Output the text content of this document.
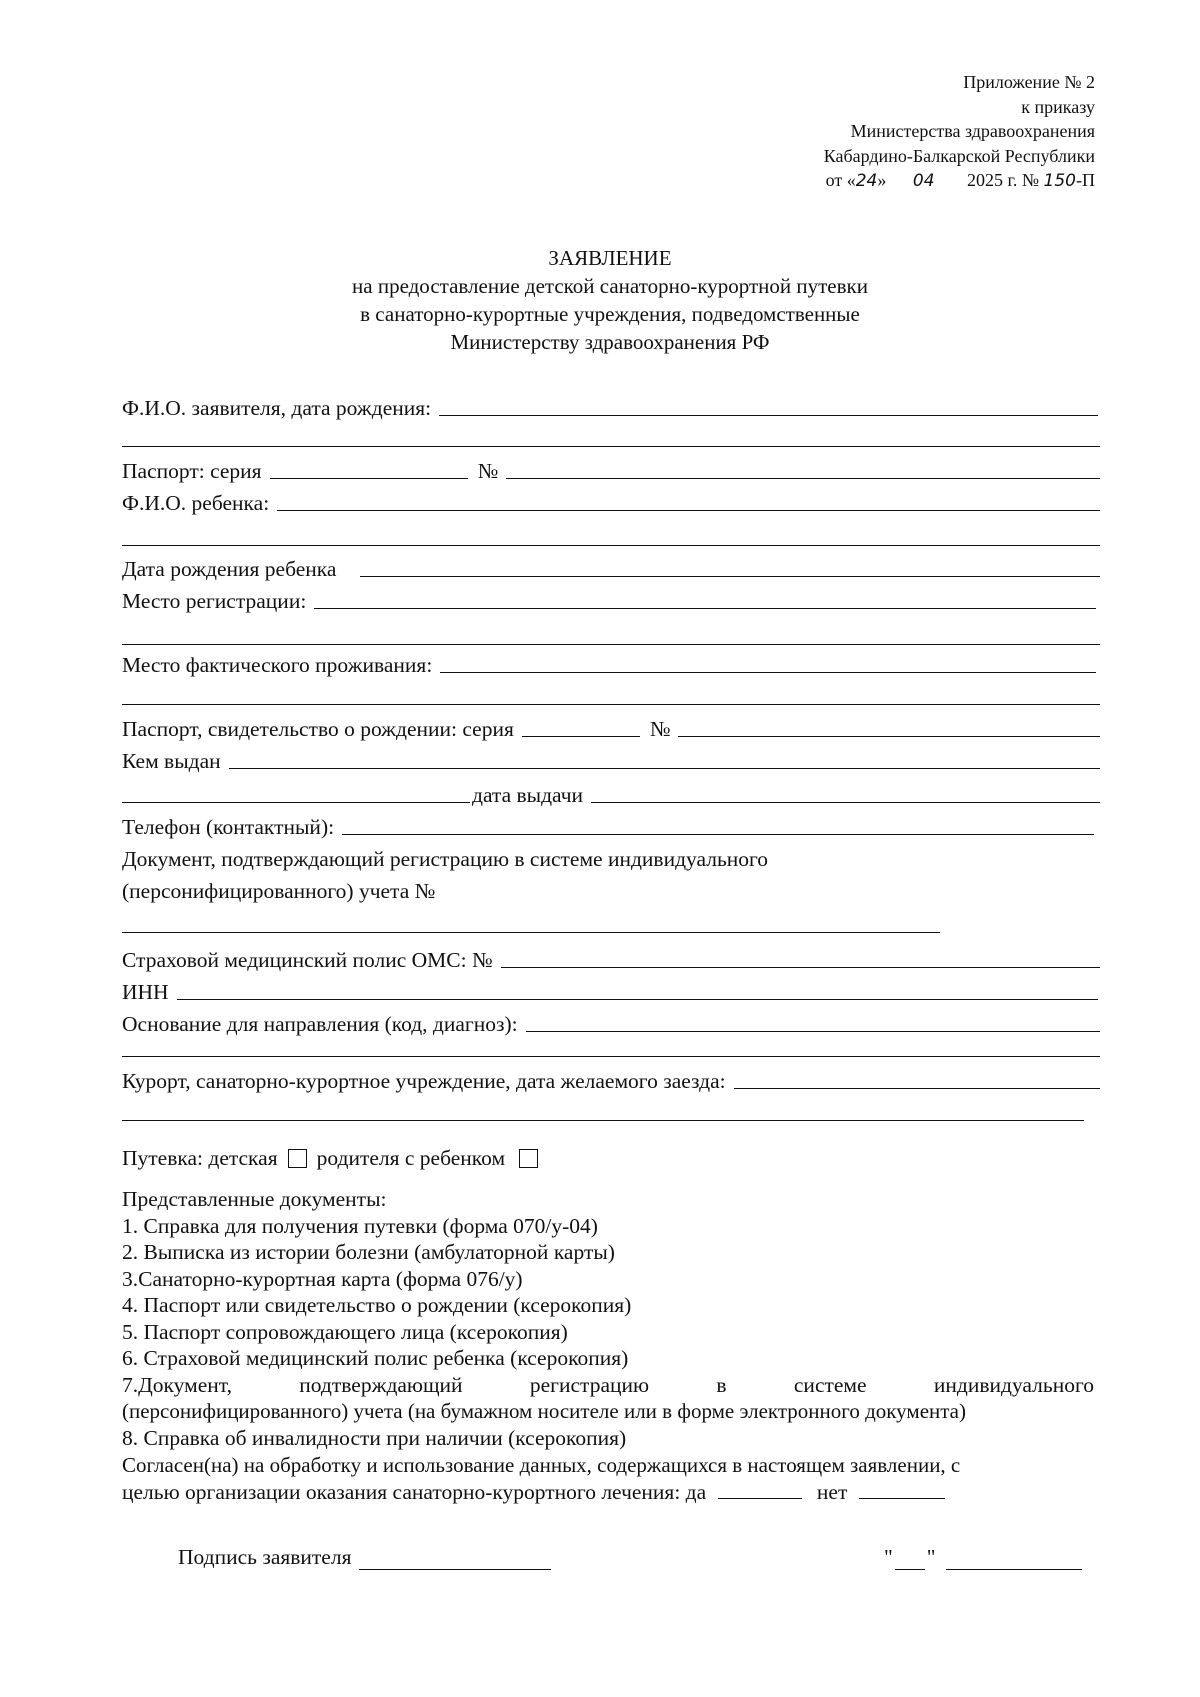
Приложение № 2
к приказу
Министерства здравоохранения
Кабардино-Балкарской Республики
от «24» 04 2025 г. № 150-П
ЗАЯВЛЕНИЕ
на предоставление детской санаторно-курортной путевки
в санаторно-курортные учреждения, подведомственные
Министерству здравоохранения РФ
Ф.И.О. заявителя, дата рождения:
Паспорт: серия	№
Ф.И.О. ребенка:
Дата рождения ребенка
Место регистрации:
Место фактического проживания:
Паспорт, свидетельство о рождении: серия	№
Кем выдан
дата выдачи
Телефон (контактный):
Документ, подтверждающий регистрацию в системе индивидуального
(персонифицированного) учета №
Страховой медицинский полис ОМС: №
ИНН
Основание для направления (код, диагноз):
Курорт, санаторно-курортное учреждение, дата желаемого заезда:
Путевка: детская родителя с ребенком
Представленные документы:
1. Справка для получения путевки (форма 070/у-04)
2. Выписка из истории болезни (амбулаторной карты)
3.Санаторно-курортная карта (форма 076/у)
4. Паспорт или свидетельство о рождении (ксерокопия)
5. Паспорт сопровождающего лица (ксерокопия)
6. Страховой медицинский полис ребенка (ксерокопия)
7.Документ,	подтверждающий	регистрацию	в	системе	индивидуального
(персонифицированного) учета (на бумажном носителе или в форме электронного документа)
8. Справка об инвалидности при наличии (ксерокопия)
Согласен(на) на обработку и использование данных, содержащихся в настоящем заявлении, с
целью организации оказания санаторно-курортного лечения: да	нет
Подпись заявителя	" "
